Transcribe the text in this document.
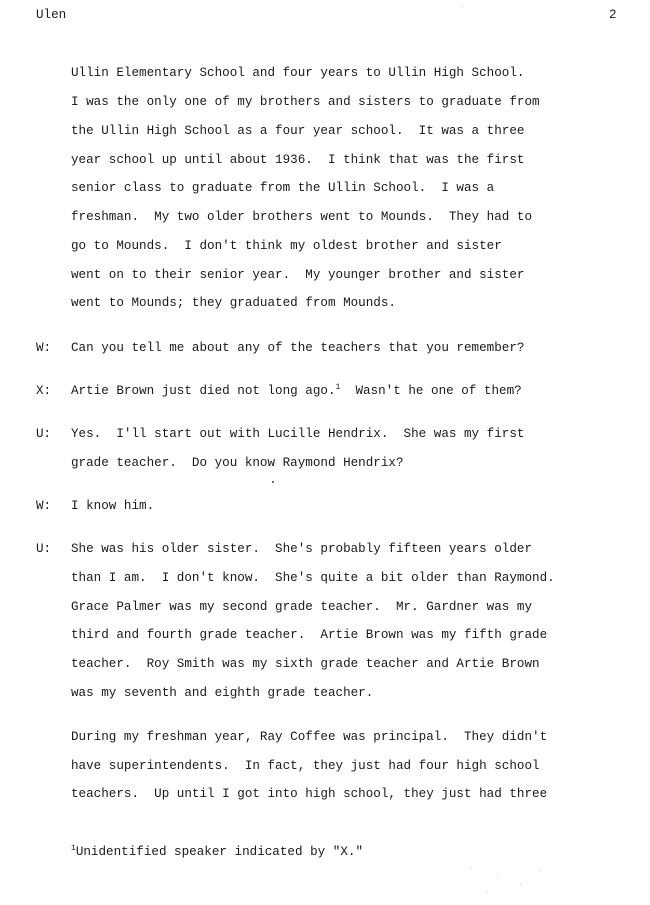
Ulen	2
Ullin Elementary School and four years to Ullin High School.
I was the only one of my brothers and sisters to graduate from
the Ullin High School as a four year school.  It was a three
year school up until about 1936.  I think that was the first
senior class to graduate from the Ullin School.  I was a
freshman.  My two older brothers went to Mounds.  They had to
go to Mounds.  I don't think my oldest brother and sister
went on to their senior year.  My younger brother and sister
went to Mounds; they graduated from Mounds.
W: Can you tell me about any of the teachers that you remember?
X: Artie Brown just died not long ago.$^1$  Wasn't he one of them?
U: Yes.  I'll start out with Lucille Hendrix.  She was my first
grade teacher.  Do you know Raymond Hendrix?
W: I know him.
U: She was his older sister.  She's probably fifteen years older
than I am.  I don't know.  She's quite a bit older than Raymond.
Grace Palmer was my second grade teacher.  Mr. Gardner was my
third and fourth grade teacher.  Artie Brown was my fifth grade
teacher.  Roy Smith was my sixth grade teacher and Artie Brown
was my seventh and eighth grade teacher.
During my freshman year, Ray Coffee was principal.  They didn't
have superintendents.  In fact, they just had four high school
teachers.  Up until I got into high school, they just had three
$^1$Unidentified speaker indicated by "X."
